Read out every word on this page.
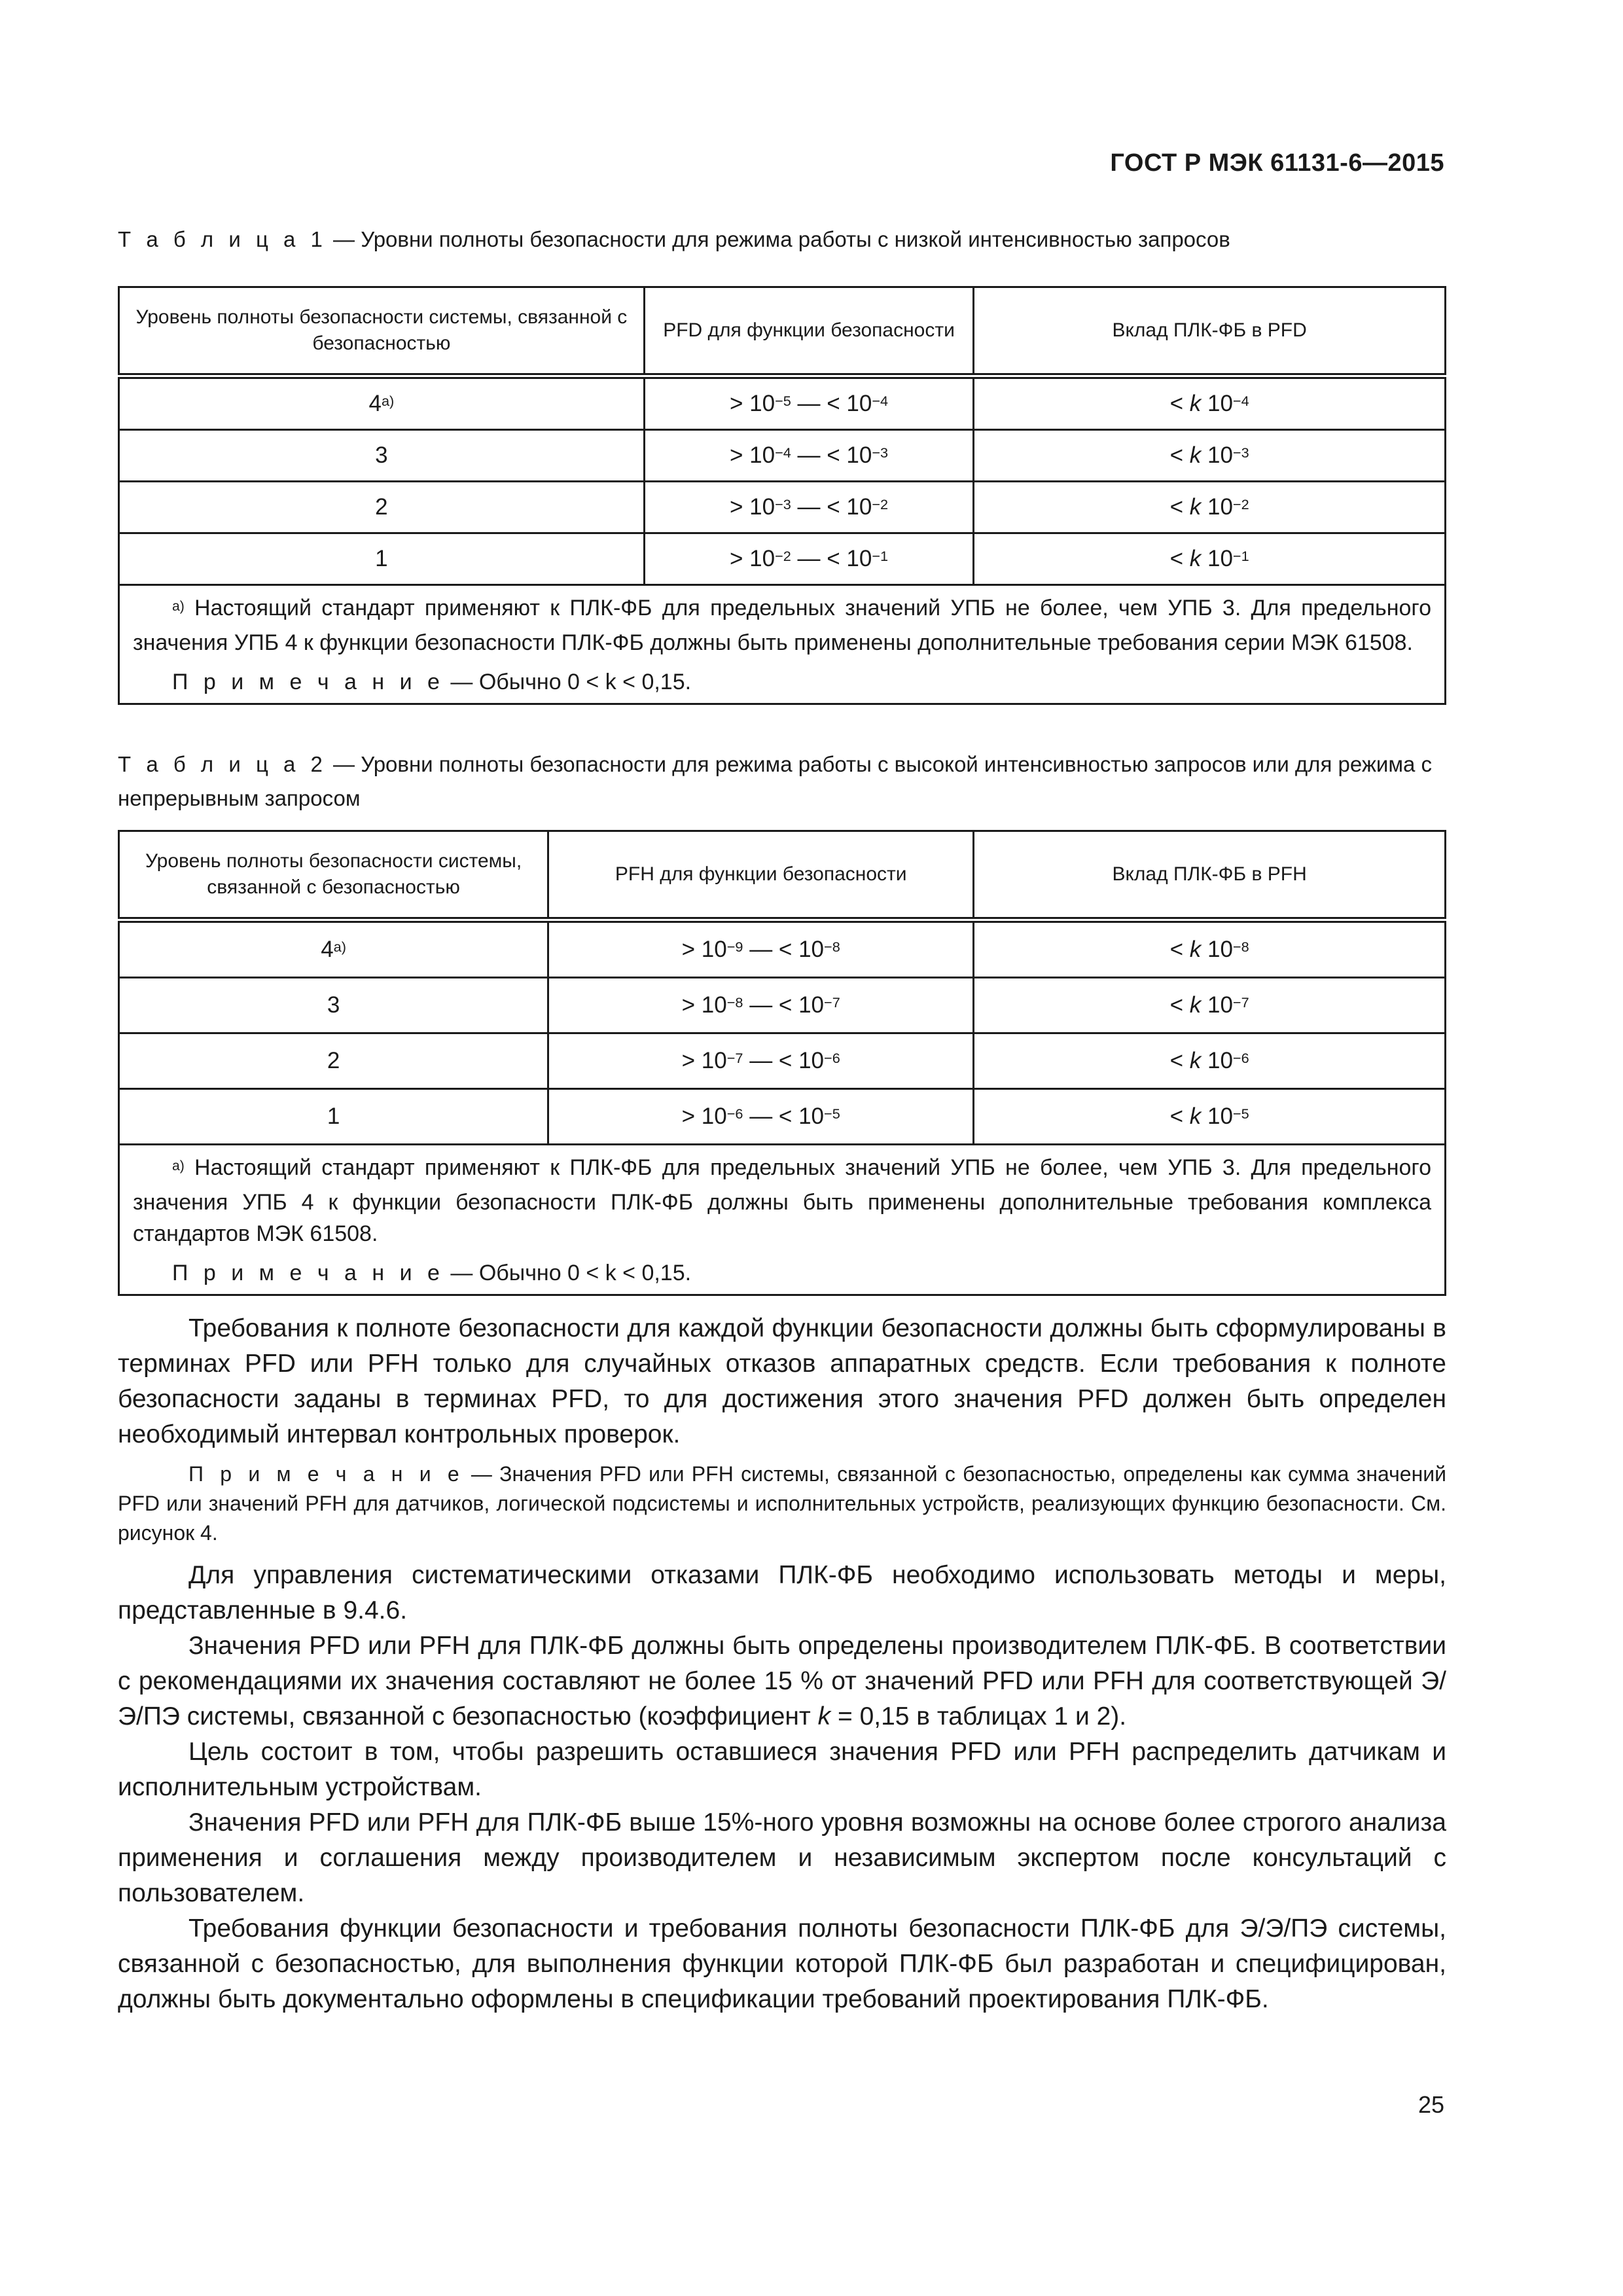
ГОСТ Р МЭК 61131-6—2015
Т а б л и ц а 1 — Уровни полноты безопасности для режима работы с низкой интенсивностью запросов
Уровень полноты безопасности системы, связанной с безопасностью	PFD для функции безопасности	Вклад ПЛК-ФБ в PFD
$4^{а)}$	> $10^{-5}$ — < $10^{-4}$	< k $10^{-4}$
3	> $10^{-4}$ — < $10^{-3}$	< k $10^{-3}$
2	> $10^{-3}$ — < $10^{-2}$	< k $10^{-2}$
1	> $10^{-2}$ — < $10^{-1}$	< k $10^{-1}$

$^{а)}$ Настоящий стандарт применяют к ПЛК-ФБ для предельных значений УПБ не более, чем УПБ 3. Для предельного значения УПБ 4 к функции безопасности ПЛК-ФБ должны быть применены дополнительные требования серии МЭК 61508.

П р и м е ч а н и е — Обычно 0 < k < 0,15.		

Т а б л и ц а 2 — Уровни полноты безопасности для режима работы с высокой интенсивностью запросов или для режима с непрерывным запросом
Уровень полноты безопасности системы, связанной с безопасностью	PFH для функции безопасности	Вклад ПЛК-ФБ в PFH
$4^{а)}$	> $10^{-9}$ — < $10^{-8}$	< k $10^{-8}$
3	> $10^{-8}$ — < $10^{-7}$	< k $10^{-7}$
2	> $10^{-7}$ — < $10^{-6}$	< k $10^{-6}$
1	> $10^{-6}$ — < $10^{-5}$	< k $10^{-5}$

$^{а)}$ Настоящий стандарт применяют к ПЛК-ФБ для предельных значений УПБ не более, чем УПБ 3. Для предельного значения УПБ 4 к функции безопасности ПЛК-ФБ должны быть применены дополнительные требования комплекса стандартов МЭК 61508.

П р и м е ч а н и е — Обычно 0 < k < 0,15.		

Требования к полноте безопасности для каждой функции безопасности должны быть сформулированы в терминах PFD или PFH только для случайных отказов аппаратных средств. Если требования к полноте безопасности заданы в терминах PFD, то для достижения этого значения PFD должен быть определен необходимый интервал контрольных проверок.

П р и м е ч а н и е — Значения PFD или PFH системы, связанной с безопасностью, определены как сумма значений PFD или значений PFH для датчиков, логической подсистемы и исполнительных устройств, реализующих функцию безопасности. См. рисунок 4.

Для управления систематическими отказами ПЛК-ФБ необходимо использовать методы и меры, представленные в 9.4.6.

Значения PFD или PFH для ПЛК-ФБ должны быть определены производителем ПЛК-ФБ. В соответствии с рекомендациями их значения составляют не более 15 % от значений PFD или PFH для соответствующей Э/Э/ПЭ системы, связанной с безопасностью (коэффициент k = 0,15 в таблицах 1 и 2).

Цель состоит в том, чтобы разрешить оставшиеся значения PFD или PFH распределить датчикам и исполнительным устройствам.

Значения PFD или PFH для ПЛК-ФБ выше 15%-ного уровня возможны на основе более строгого анализа применения и соглашения между производителем и независимым экспертом после консультаций с пользователем.

Требования функции безопасности и требования полноты безопасности ПЛК-ФБ для Э/Э/ПЭ системы, связанной с безопасностью, для выполнения функции которой ПЛК-ФБ был разработан и специфицирован, должны быть документально оформлены в спецификации требований проектирования ПЛК-ФБ.

25
